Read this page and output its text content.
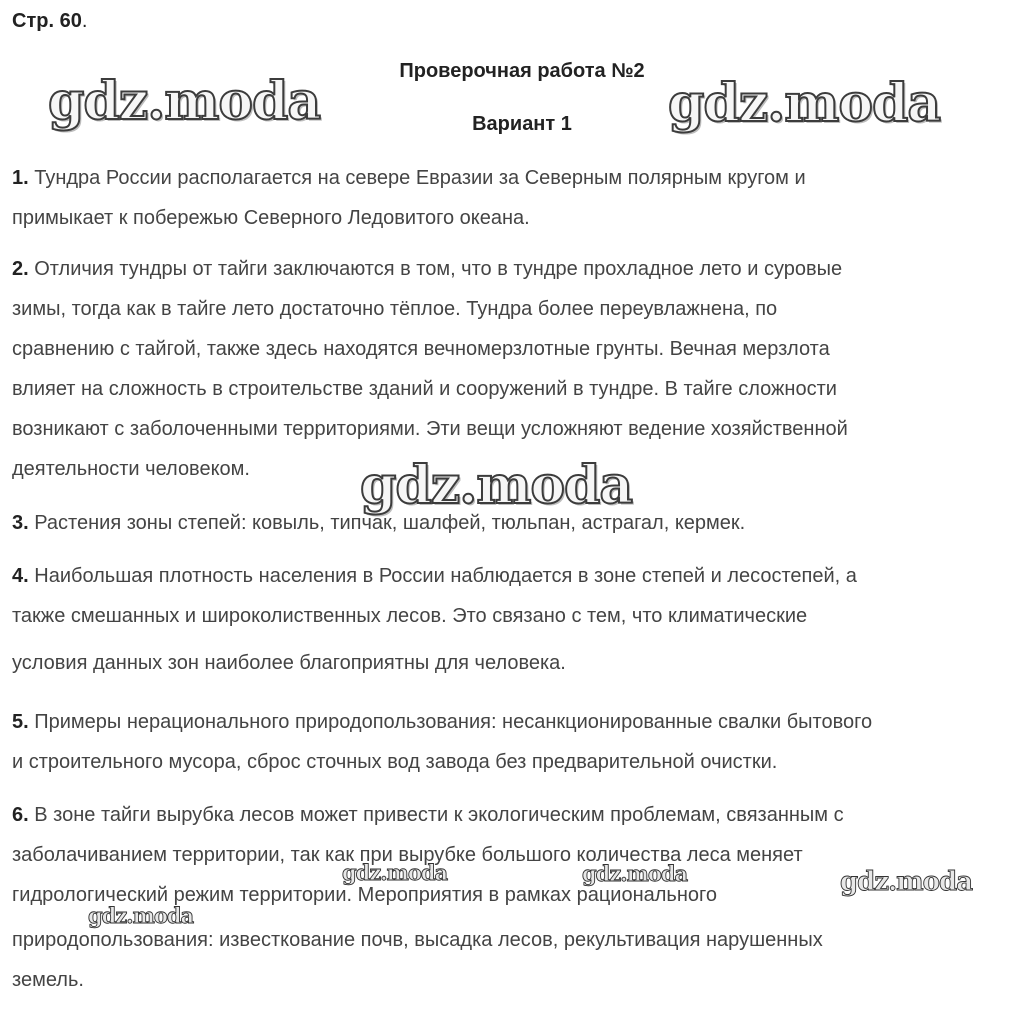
Стр. 60.
Проверочная работа №2
Вариант 1
1. Тундра России располагается на севере Евразии за Северным полярным кругом и
примыкает к побережью Северного Ледовитого океана.
2. Отличия тундры от тайги заключаются в том, что в тундре прохладное лето и суровые
зимы, тогда как в тайге лето достаточно тёплое. Тундра более переувлажнена, по
сравнению с тайгой, также здесь находятся вечномерзлотные грунты. Вечная мерзлота
влияет на сложность в строительстве зданий и сооружений в тундре. В тайге сложности
возникают с заболоченными территориями. Эти вещи усложняют ведение хозяйственной
деятельности человеком.
3. Растения зоны степей: ковыль, типчак, шалфей, тюльпан, астрагал, кермек.
4. Наибольшая плотность населения в России наблюдается в зоне степей и лесостепей, а
также смешанных и широколиственных лесов. Это связано с тем, что климатические
условия данных зон наиболее благоприятны для человека.
5. Примеры нерационального природопользования: несанкционированные свалки бытового
и строительного мусора, сброс сточных вод завода без предварительной очистки.
6. В зоне тайги вырубка лесов может привести к экологическим проблемам, связанным с
заболачиванием территории, так как при вырубке большого количества леса меняет
гидрологический режим территории. Мероприятия в рамках рационального
природопользования: известкование почв, высадка лесов, рекультивация нарушенных
земель.
gdz.moda	gdz.moda
gdz.moda
gdz.moda	gdz.moda	gdz.moda
gdz.moda
